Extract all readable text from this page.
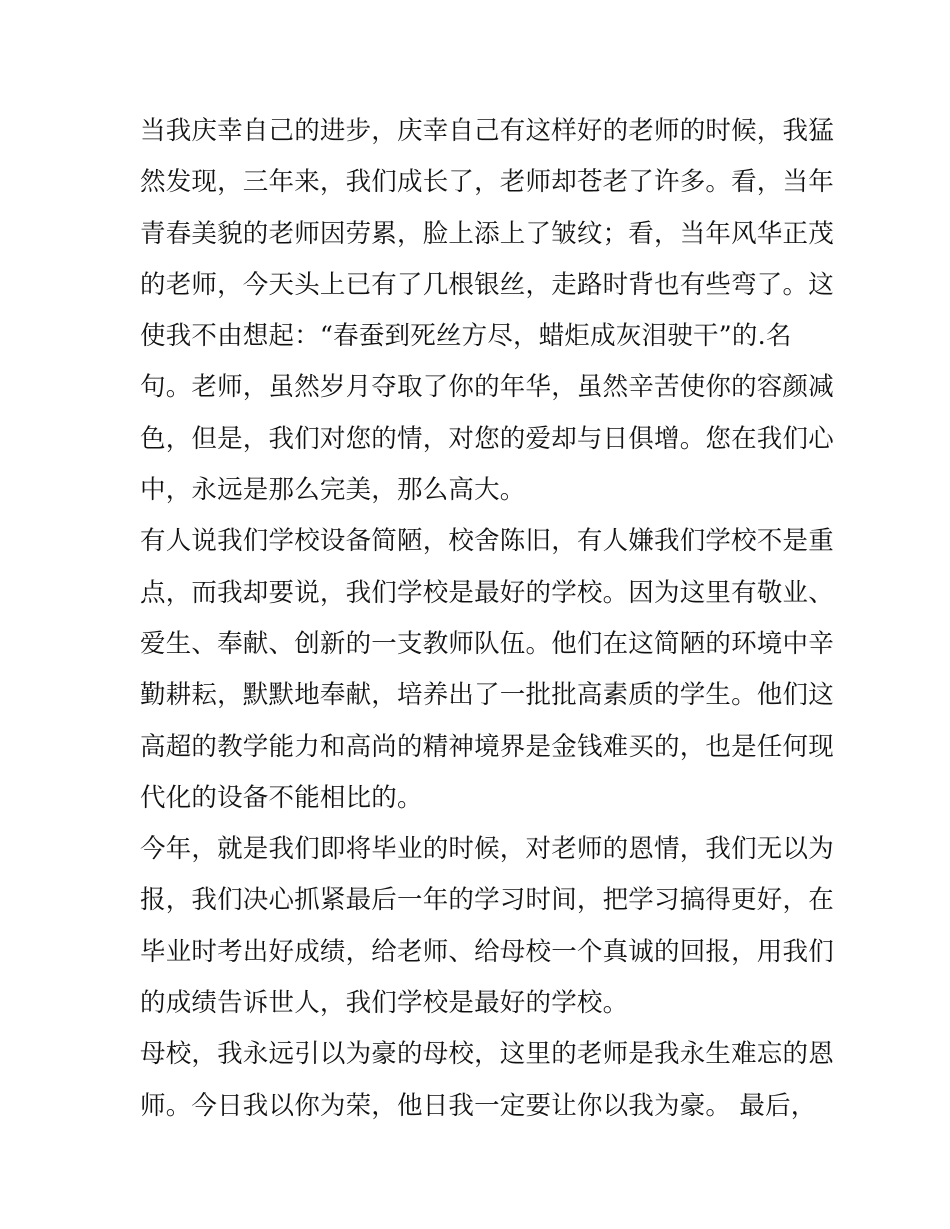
当我庆幸自己的进步，庆幸自己有这样好的老师的时候，我猛
然发现，三年来，我们成长了，老师却苍老了许多。看，当年
青春美貌的老师因劳累，脸上添上了皱纹；看，当年风华正茂
的老师，今天头上已有了几根银丝，走路时背也有些弯了。这
使我不由想起：“春蚕到死丝方尽，蜡炬成灰泪驶干”的.名
句。老师，虽然岁月夺取了你的年华，虽然辛苦使你的容颜减
色，但是，我们对您的情，对您的爱却与日俱增。您在我们心
中，永远是那么完美，那么高大。
有人说我们学校设备简陋，校舍陈旧，有人嫌我们学校不是重
点，而我却要说，我们学校是最好的学校。因为这里有敬业、
爱生、奉献、创新的一支教师队伍。他们在这简陋的环境中辛
勤耕耘，默默地奉献，培养出了一批批高素质的学生。他们这
高超的教学能力和高尚的精神境界是金钱难买的，也是任何现
代化的设备不能相比的。
今年，就是我们即将毕业的时候，对老师的恩情，我们无以为
报，我们决心抓紧最后一年的学习时间，把学习搞得更好，在
毕业时考出好成绩，给老师、给母校一个真诚的回报，用我们
的成绩告诉世人，我们学校是最好的学校。
母校，我永远引以为豪的母校，这里的老师是我永生难忘的恩
师。今日我以你为荣，他日我一定要让你以我为豪。 最后，
